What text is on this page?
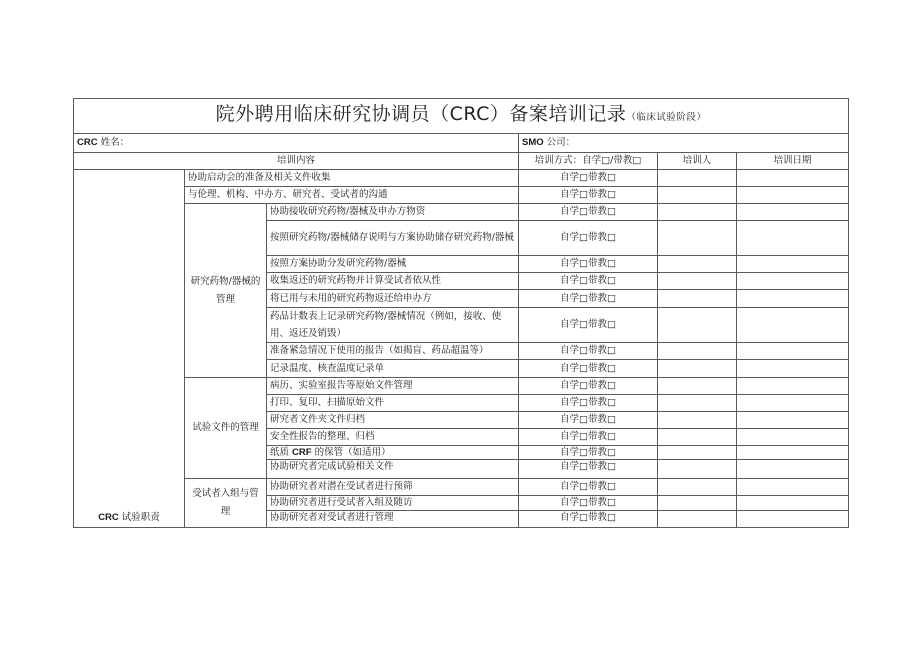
院外聘用临床研究协调员（CRC）备案培训记录（临床试验阶段）					
CRC 姓名：			SMO 公司：		
培训内容			培训方式：自学□/带教□	培训人	培训日期
CRC 试验职责	协助启动会的准备及相关文件收集		自学□带教□		
	与伦理、机构、中办方、研究者、受试者的沟通		自学□带教□		
	研究药物/器械的管理	协助接收研究药物/器械及申办方物资	自学□带教□		
		按照研究药物/器械储存说明与方案协助储存研究药物/器械	自学□带教□		
		按照方案协助分发研究药物/器械	自学□带教□		
		收集返还的研究药物并计算受试者依从性	自学□带教□		
		将已用与未用的研究药物返还给申办方	自学□带教□		
		药品计数表上记录研究药物/器械情况（例如，接收、使用、返还及销毁）	自学□带教□		
		准备紧急情况下使用的报告（如揭盲、药品超温等）	自学□带教□		
		记录温度、核查温度记录单	自学□带教□		
	试验文件的管理	病历、实验室报告等原始文件管理	自学□带教□		
		打印、复印、扫描原始文件	自学□带教□		
		研究者文件夹文件归档	自学□带教□		
		安全性报告的整理、归档	自学□带教□		
		纸质 CRF 的保管（如适用）	自学□带教□		
		协助研究者完成试验相关文件	自学□带教□		
	受试者入组与管理	协助研究者对潜在受试者进行预筛	自学□带教□		
		协助研究者进行受试者入组及随访	自学□带教□		
		协助研究者对受试者进行管理	自学□带教□		
